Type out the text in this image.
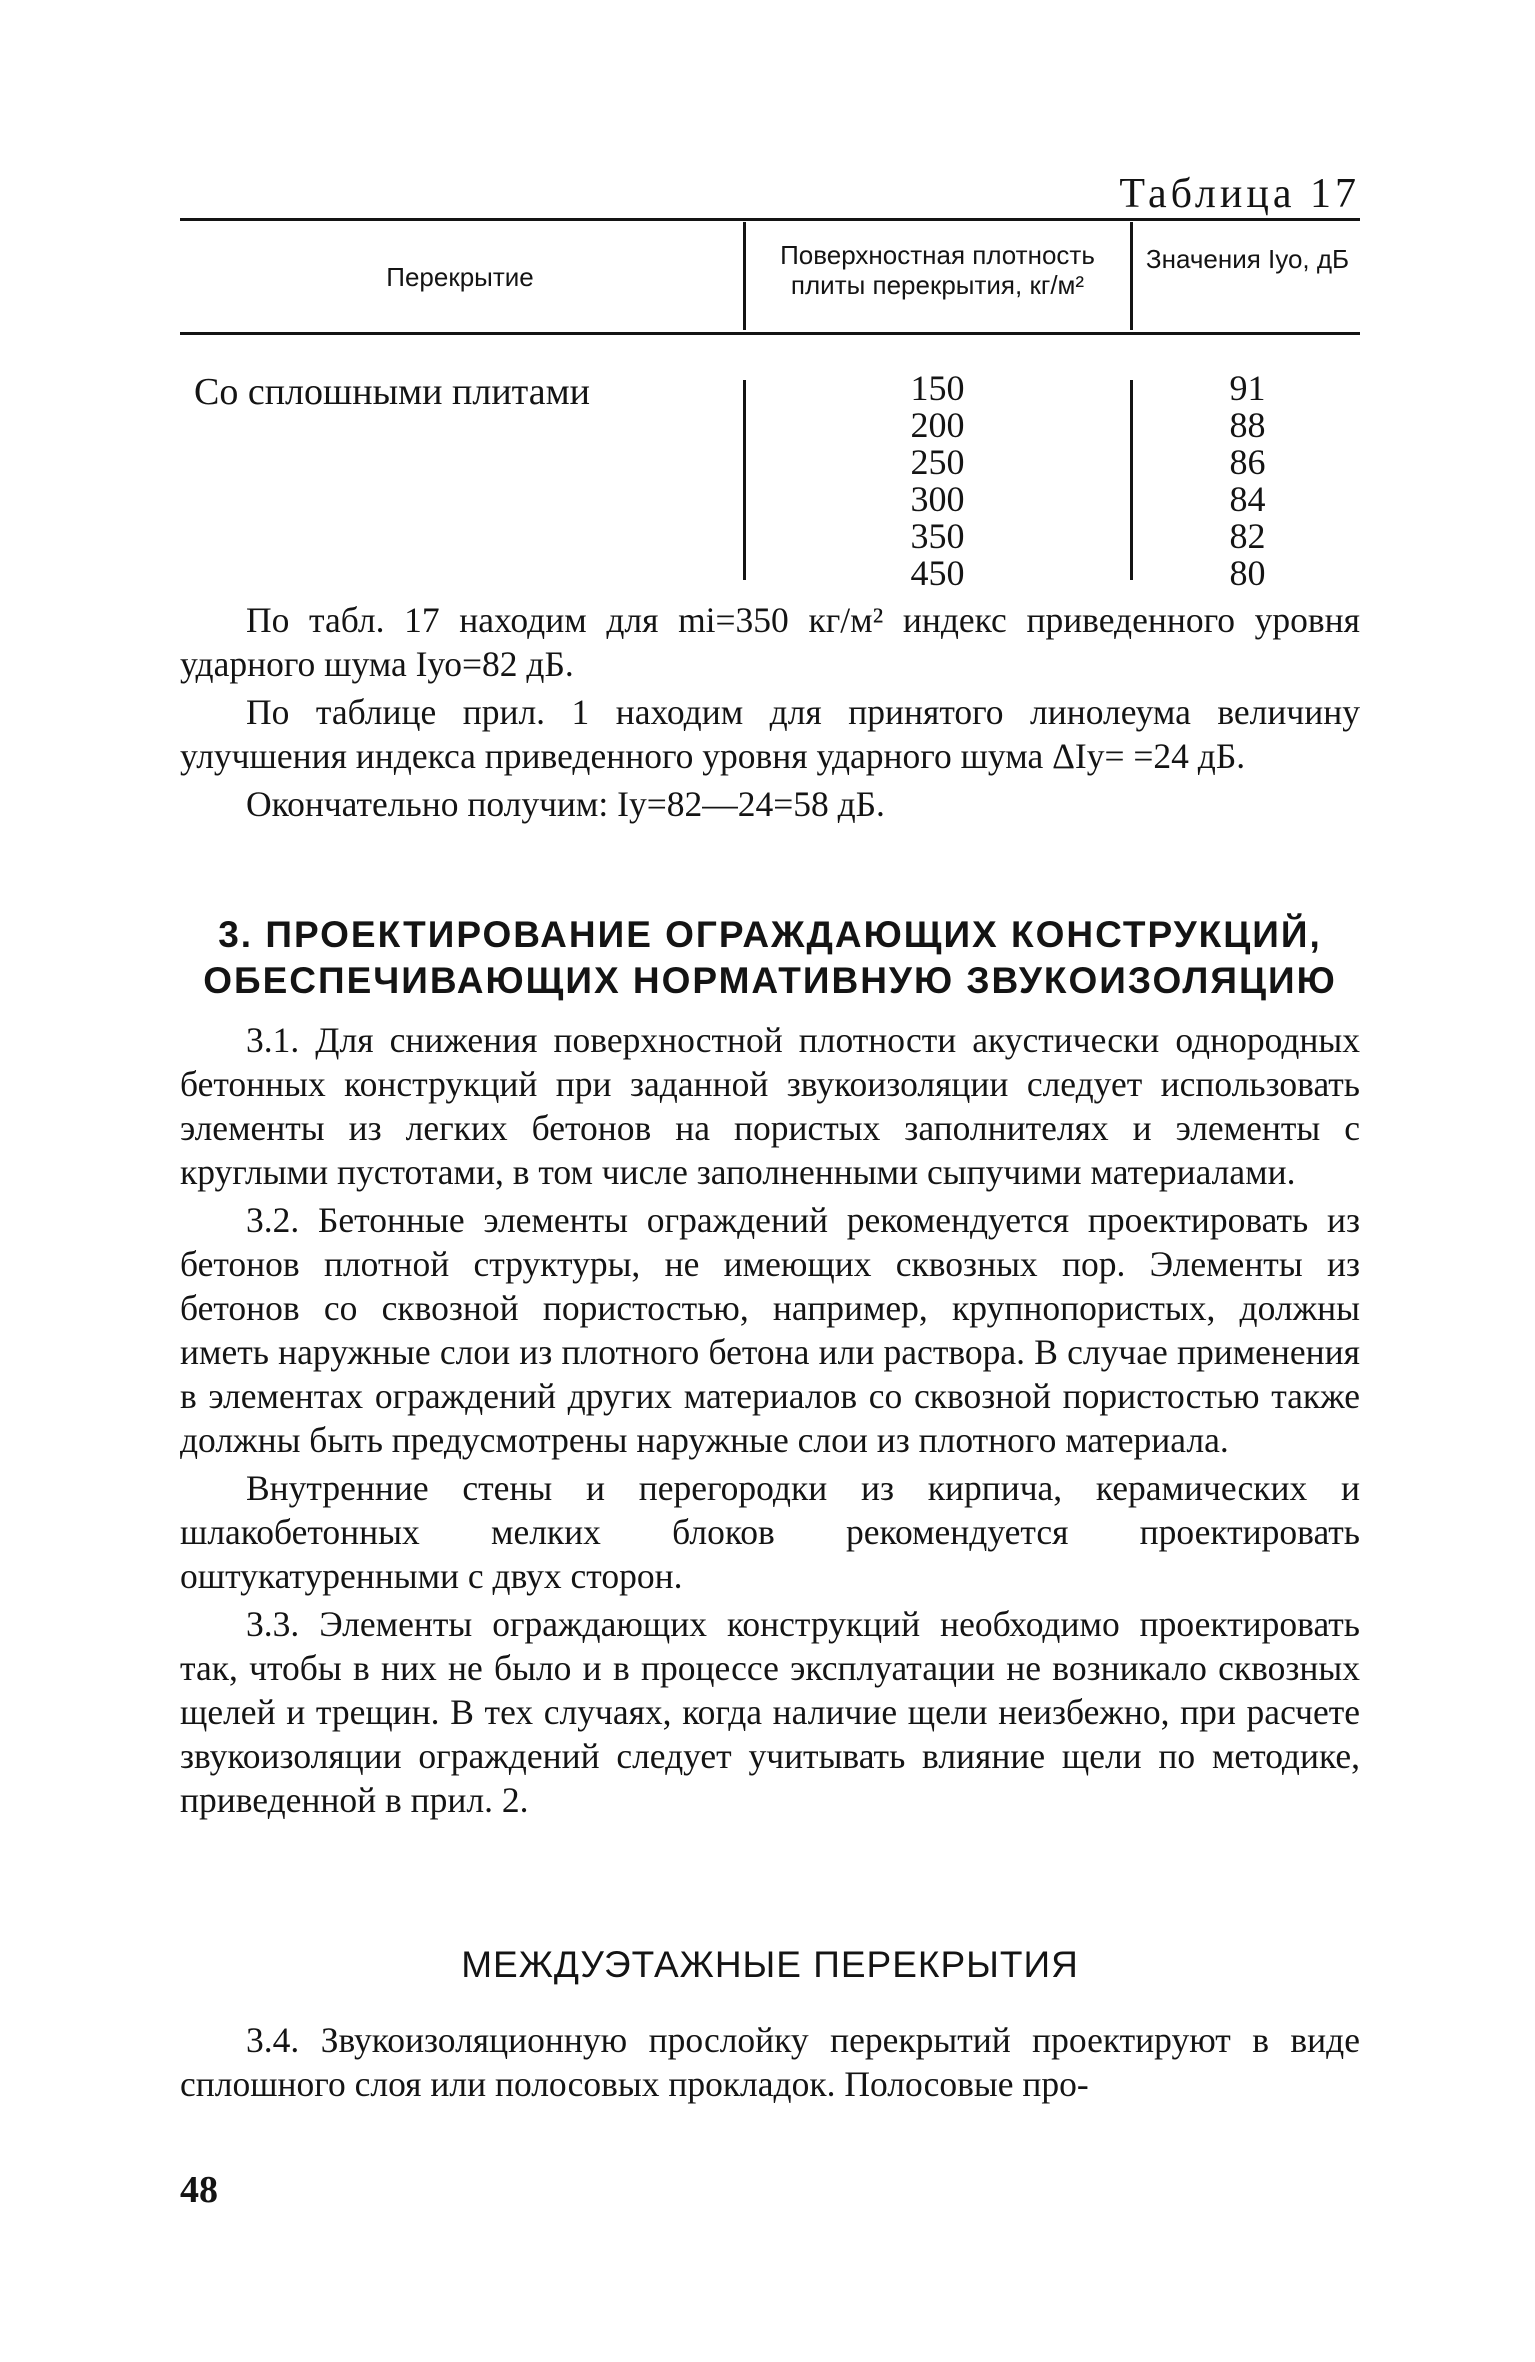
Таблица 17
Перекрытие
Поверхностная плотность плиты перекрытия, кг/м²
Значения Iуо, дБ
Со сплошными плитами	150
200
250
300
350
450
91
88
86
84
82
80

По табл. 17 находим для mі=350 кг/м² индекс приведенного уровня ударного шума Iуо=82 дБ.

По таблице прил. 1 находим для принятого линолеума величину улучшения индекса приведенного уровня ударного шума ΔIу= =24 дБ.

Окончательно получим: Iу=82—24=58 дБ.

3. ПРОЕКТИРОВАНИЕ ОГРАЖДАЮЩИХ КОНСТРУКЦИЙ,
ОБЕСПЕЧИВАЮЩИХ НОРМАТИВНУЮ ЗВУКОИЗОЛЯЦИЮ

3.1. Для снижения поверхностной плотности акустически однородных бетонных конструкций при заданной звукоизоляции следует использовать элементы из легких бетонов на пористых заполнителях и элементы с круглыми пустотами, в том числе заполненными сыпучими материалами.

3.2. Бетонные элементы ограждений рекомендуется проектировать из бетонов плотной структуры, не имеющих сквозных пор. Элементы из бетонов со сквозной пористостью, например, крупнопористых, должны иметь наружные слои из плотного бетона или раствора. В случае применения в элементах ограждений других материалов со сквозной пористостью также должны быть предусмотрены наружные слои из плотного материала.

Внутренние стены и перегородки из кирпича, керамических и шлакобетонных мелких блоков рекомендуется проектировать оштукатуренными с двух сторон.

3.3. Элементы ограждающих конструкций необходимо проектировать так, чтобы в них не было и в процессе эксплуатации не возникало сквозных щелей и трещин. В тех случаях, когда наличие щели неизбежно, при расчете звукоизоляции ограждений следует учитывать влияние щели по методике, приведенной в прил. 2.

МЕЖДУЭТАЖНЫЕ ПЕРЕКРЫТИЯ

3.4. Звукоизоляционную прослойку перекрытий проектируют в виде сплошного слоя или полосовых прокладок. Полосовые про-

48
